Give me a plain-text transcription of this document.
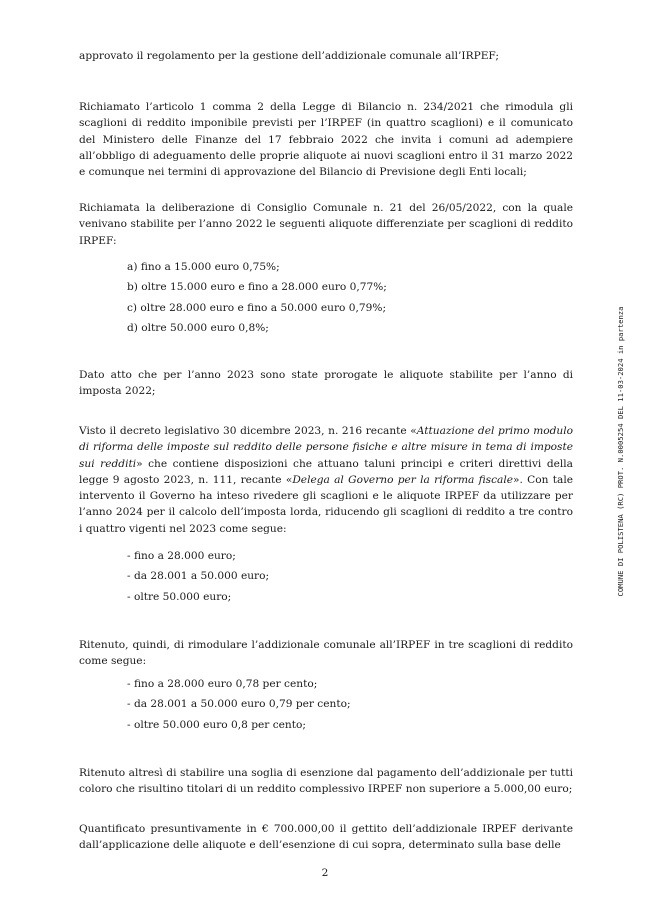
approvato il regolamento per la gestione dell’addizionale comunale all’IRPEF;

Richiamato l’articolo 1 comma 2 della Legge di Bilancio n. 234/2021 che rimodula gli scaglioni di reddito imponibile previsti per l’IRPEF (in quattro scaglioni) e il comunicato del Ministero delle Finanze del 17 febbraio 2022 che invita i comuni ad adempiere all’obbligo di adeguamento delle proprie aliquote ai nuovi scaglioni entro il 31 marzo 2022 e comunque nei termini di approvazione del Bilancio di Previsione degli Enti locali;

Richiamata la deliberazione di Consiglio Comunale n. 21 del 26/05/2022, con la quale venivano stabilite per l’anno 2022 le seguenti aliquote differenziate per scaglioni di reddito IRPEF:

a) fino a 15.000 euro 0,75%;
b) oltre 15.000 euro e fino a 28.000 euro 0,77%;
c) oltre 28.000 euro e fino a 50.000 euro 0,79%;
d) oltre 50.000 euro 0,8%;

Dato atto che per l’anno 2023 sono state prorogate le aliquote stabilite per l’anno di imposta 2022;

Visto il decreto legislativo 30 dicembre 2023, n. 216 recante «Attuazione del primo modulo di riforma delle imposte sul reddito delle persone fisiche e altre misure in tema di imposte sui redditi» che contiene disposizioni che attuano taluni principi e criteri direttivi della legge 9 agosto 2023, n. 111, recante «Delega al Governo per la riforma fiscale». Con tale intervento il Governo ha inteso rivedere gli scaglioni e le aliquote IRPEF da utilizzare per l’anno 2024 per il calcolo dell’imposta lorda, riducendo gli scaglioni di reddito a tre contro i quattro vigenti nel 2023 come segue:

- fino a 28.000 euro;
- da 28.001 a 50.000 euro;
- oltre 50.000 euro;

Ritenuto, quindi, di rimodulare l’addizionale comunale all’IRPEF in tre scaglioni di reddito come segue:

- fino a 28.000 euro 0,78 per cento;
- da 28.001 a 50.000 euro 0,79 per cento;
- oltre 50.000 euro 0,8 per cento;

Ritenuto altresì di stabilire una soglia di esenzione dal pagamento dell’addizionale per tutti coloro che risultino titolari di un reddito complessivo IRPEF non superiore a 5.000,00 euro;

Quantificato presuntivamente in € 700.000,00 il gettito dell’addizionale IRPEF derivante dall’applicazione delle aliquote e dell’esenzione di cui sopra, determinato sulla base delle

2
COMUNE DI POLISTENA (RC) PROT. N.0005254 DEL 11-03-2024 in partenza
